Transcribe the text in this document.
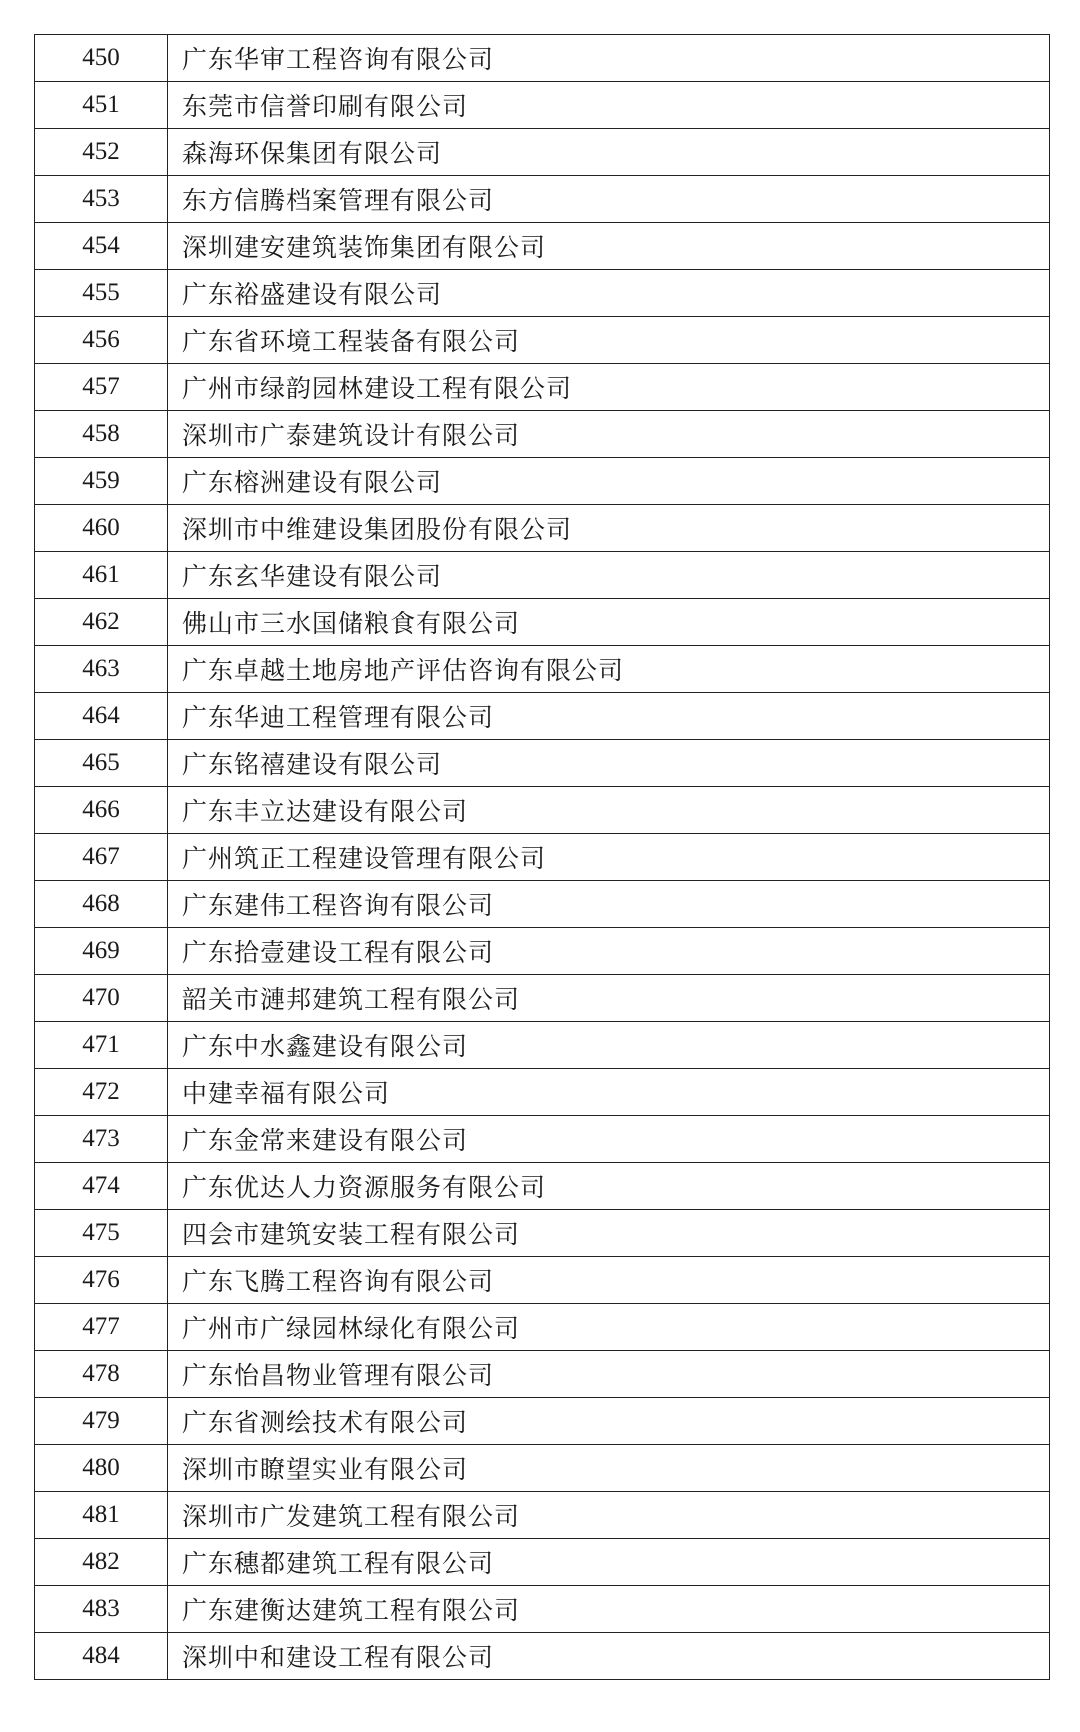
450	广东华审工程咨询有限公司
451	东莞市信誉印刷有限公司
452	森海环保集团有限公司
453	东方信腾档案管理有限公司
454	深圳建安建筑装饰集团有限公司
455	广东裕盛建设有限公司
456	广东省环境工程装备有限公司
457	广州市绿韵园林建设工程有限公司
458	深圳市广泰建筑设计有限公司
459	广东榕洲建设有限公司
460	深圳市中维建设集团股份有限公司
461	广东玄华建设有限公司
462	佛山市三水国储粮食有限公司
463	广东卓越土地房地产评估咨询有限公司
464	广东华迪工程管理有限公司
465	广东铭禧建设有限公司
466	广东丰立达建设有限公司
467	广州筑正工程建设管理有限公司
468	广东建伟工程咨询有限公司
469	广东拾壹建设工程有限公司
470	韶关市漣邦建筑工程有限公司
471	广东中水鑫建设有限公司
472	中建幸福有限公司
473	广东金常来建设有限公司
474	广东优达人力资源服务有限公司
475	四会市建筑安装工程有限公司
476	广东飞腾工程咨询有限公司
477	广州市广绿园林绿化有限公司
478	广东怡昌物业管理有限公司
479	广东省测绘技术有限公司
480	深圳市瞭望实业有限公司
481	深圳市广发建筑工程有限公司
482	广东穗都建筑工程有限公司
483	广东建衡达建筑工程有限公司
484	深圳中和建设工程有限公司
